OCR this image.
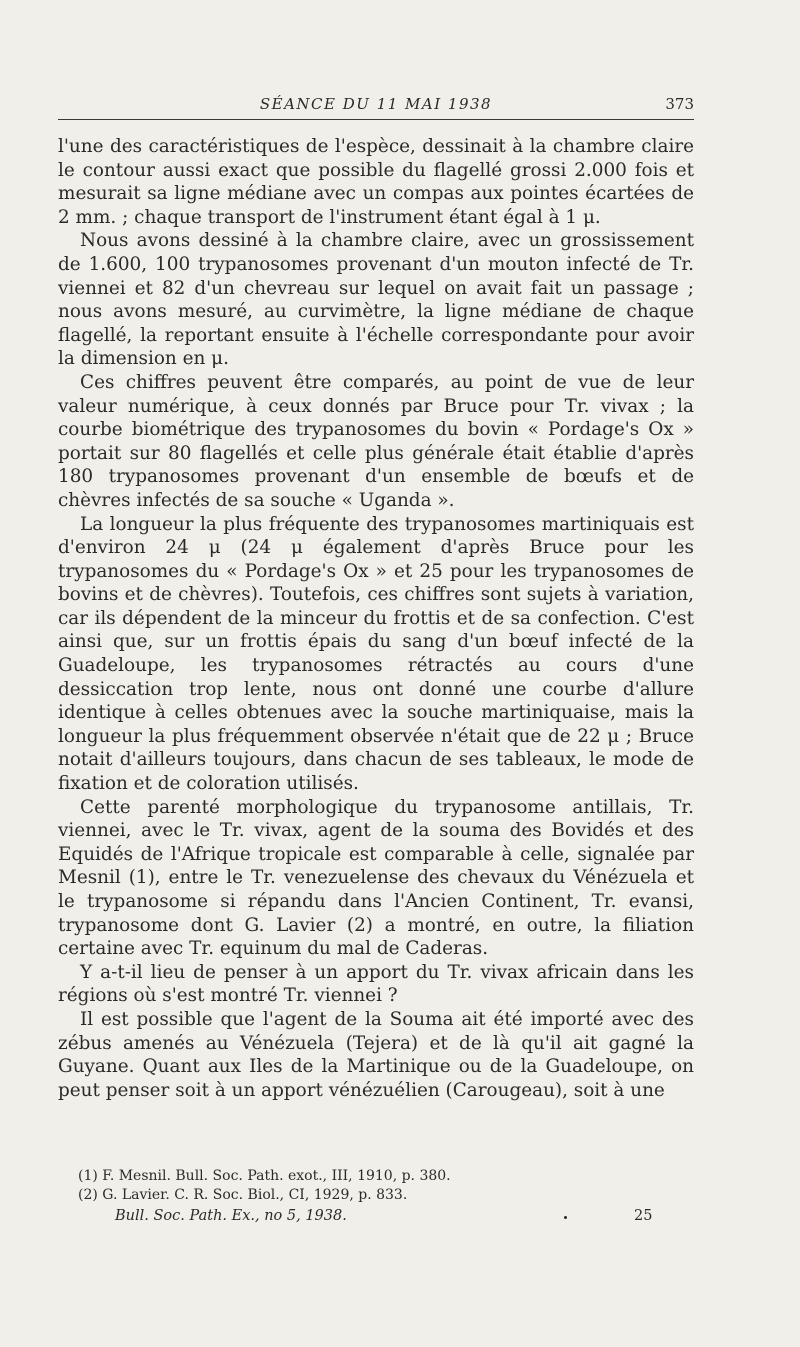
SÉANCE DU 11 MAI 1938	373

l'une des caractéristiques de l'espèce, dessinait à la chambre claire le contour aussi exact que possible du flagellé grossi 2.000 fois et mesurait sa ligne médiane avec un compas aux pointes écartées de 2 mm. ; chaque transport de l'instrument étant égal à 1 μ.

Nous avons dessiné à la chambre claire, avec un grossissement de 1.600, 100 trypanosomes provenant d'un mouton infecté de Tr. viennei et 82 d'un chevreau sur lequel on avait fait un passage ; nous avons mesuré, au curvimètre, la ligne médiane de chaque flagellé, la reportant ensuite à l'échelle correspondante pour avoir la dimension en μ.

Ces chiffres peuvent être comparés, au point de vue de leur valeur numérique, à ceux donnés par Bruce pour Tr. vivax ; la courbe biométrique des trypanosomes du bovin « Pordage's Ox » portait sur 80 flagellés et celle plus générale était établie d'après 180 trypanosomes provenant d'un ensemble de bœufs et de chèvres infectés de sa souche « Uganda ».

La longueur la plus fréquente des trypanosomes martiniquais est d'environ 24 μ (24 μ également d'après Bruce pour les trypanosomes du « Pordage's Ox » et 25 pour les trypanosomes de bovins et de chèvres). Toutefois, ces chiffres sont sujets à variation, car ils dépendent de la minceur du frottis et de sa confection. C'est ainsi que, sur un frottis épais du sang d'un bœuf infecté de la Guadeloupe, les trypanosomes rétractés au cours d'une dessiccation trop lente, nous ont donné une courbe d'allure identique à celles obtenues avec la souche martiniquaise, mais la longueur la plus fréquemment observée n'était que de 22 μ ; Bruce notait d'ailleurs toujours, dans chacun de ses tableaux, le mode de fixation et de coloration utilisés.

Cette parenté morphologique du trypanosome antillais, Tr. viennei, avec le Tr. vivax, agent de la souma des Bovidés et des Equidés de l'Afrique tropicale est comparable à celle, signalée par Mesnil (1), entre le Tr. venezuelense des chevaux du Vénézuela et le trypanosome si répandu dans l'Ancien Continent, Tr. evansi, trypanosome dont G. Lavier (2) a montré, en outre, la filiation certaine avec Tr. equinum du mal de Caderas.

Y a-t-il lieu de penser à un apport du Tr. vivax africain dans les régions où s'est montré Tr. viennei ?

Il est possible que l'agent de la Souma ait été importé avec des zébus amenés au Vénézuela (Tejera) et de là qu'il ait gagné la Guyane. Quant aux Iles de la Martinique ou de la Guadeloupe, on peut penser soit à un apport vénézuélien (Carougeau), soit à une

(1) F. Mesnil. Bull. Soc. Path. exot., III, 1910, p. 380.

(2) G. Lavier. C. R. Soc. Biol., CI, 1929, p. 833.

Bull. Soc. Path. Ex., no 5, 1938.	25
